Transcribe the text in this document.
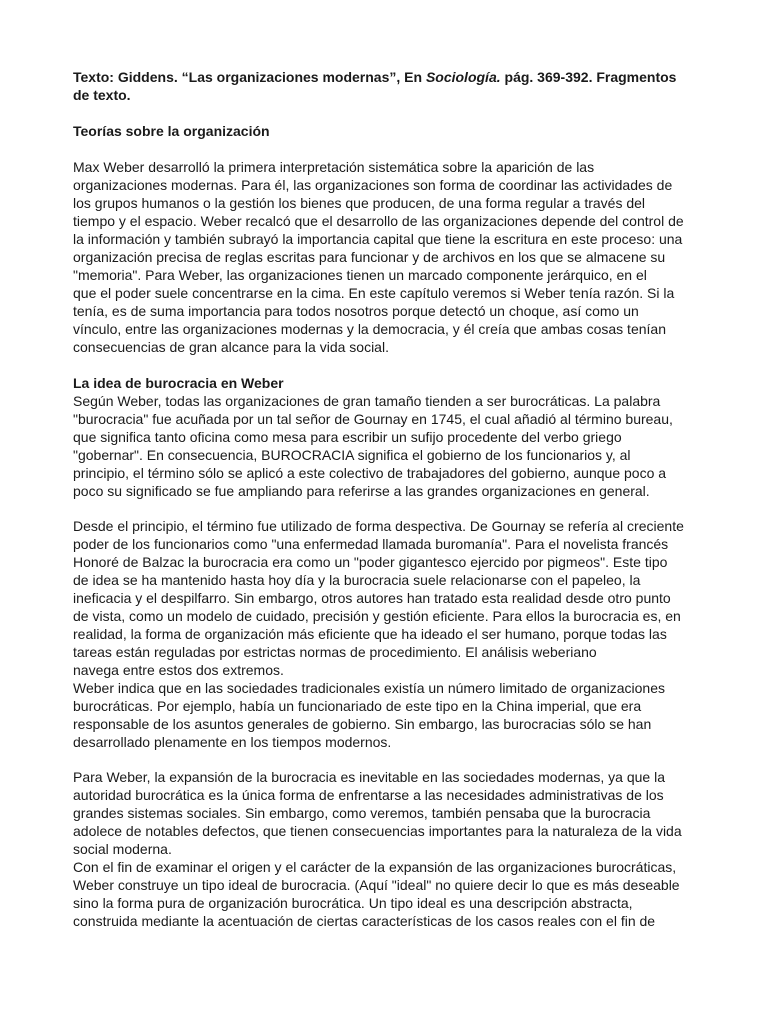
Texto: Giddens. “Las organizaciones modernas”, En Sociología. pág. 369-392. Fragmentos
de texto.
Teorías sobre la organización
Max Weber desarrolló la primera interpretación sistemática sobre la aparición de las
organizaciones modernas. Para él, las organizaciones son forma de coordinar las actividades de
los grupos humanos o la gestión los bienes que producen, de una forma regular a través del
tiempo y el espacio. Weber recalcó que el desarrollo de las organizaciones depende del control de
la información y también subrayó la importancia capital que tiene la escritura en este proceso: una
organización precisa de reglas escritas para funcionar y de archivos en los que se almacene su
"memoria". Para Weber, las organizaciones tienen un marcado componente jerárquico, en el
que el poder suele concentrarse en la cima. En este capítulo veremos si Weber tenía razón. Si la
tenía, es de suma importancia para todos nosotros porque detectó un choque, así como un
vínculo, entre las organizaciones modernas y la democracia, y él creía que ambas cosas tenían
consecuencias de gran alcance para la vida social.
La idea de burocracia en Weber
Según Weber, todas las organizaciones de gran tamaño tienden a ser burocráticas. La palabra
"burocracia" fue acuñada por un tal señor de Gournay en 1745, el cual añadió al término bureau,
que significa tanto oficina como mesa para escribir un sufijo procedente del verbo griego
"gobernar". En consecuencia, BUROCRACIA significa el gobierno de los funcionarios y, al
principio, el término sólo se aplicó a este colectivo de trabajadores del gobierno, aunque poco a
poco su significado se fue ampliando para referirse a las grandes organizaciones en general.
Desde el principio, el término fue utilizado de forma despectiva. De Gournay se refería al creciente
poder de los funcionarios como "una enfermedad llamada buromanía". Para el novelista francés
Honoré de Balzac la burocracia era como un "poder gigantesco ejercido por pigmeos". Este tipo
de idea se ha mantenido hasta hoy día y la burocracia suele relacionarse con el papeleo, la
ineficacia y el despilfarro. Sin embargo, otros autores han tratado esta realidad desde otro punto
de vista, como un modelo de cuidado, precisión y gestión eficiente. Para ellos la burocracia es, en
realidad, la forma de organización más eficiente que ha ideado el ser humano, porque todas las
tareas están reguladas por estrictas normas de procedimiento. El análisis weberiano
navega entre estos dos extremos.
Weber indica que en las sociedades tradicionales existía un número limitado de organizaciones
burocráticas. Por ejemplo, había un funcionariado de este tipo en la China imperial, que era
responsable de los asuntos generales de gobierno. Sin embargo, las burocracias sólo se han
desarrollado plenamente en los tiempos modernos.
Para Weber, la expansión de la burocracia es inevitable en las sociedades modernas, ya que la
autoridad burocrática es la única forma de enfrentarse a las necesidades administrativas de los
grandes sistemas sociales. Sin embargo, como veremos, también pensaba que la burocracia
adolece de notables defectos, que tienen consecuencias importantes para la naturaleza de la vida
social moderna.
Con el fin de examinar el origen y el carácter de la expansión de las organizaciones burocráticas,
Weber construye un tipo ideal de burocracia. (Aquí "ideal" no quiere decir lo que es más deseable
sino la forma pura de organización burocrática. Un tipo ideal es una descripción abstracta,
construida mediante la acentuación de ciertas características de los casos reales con el fin de
